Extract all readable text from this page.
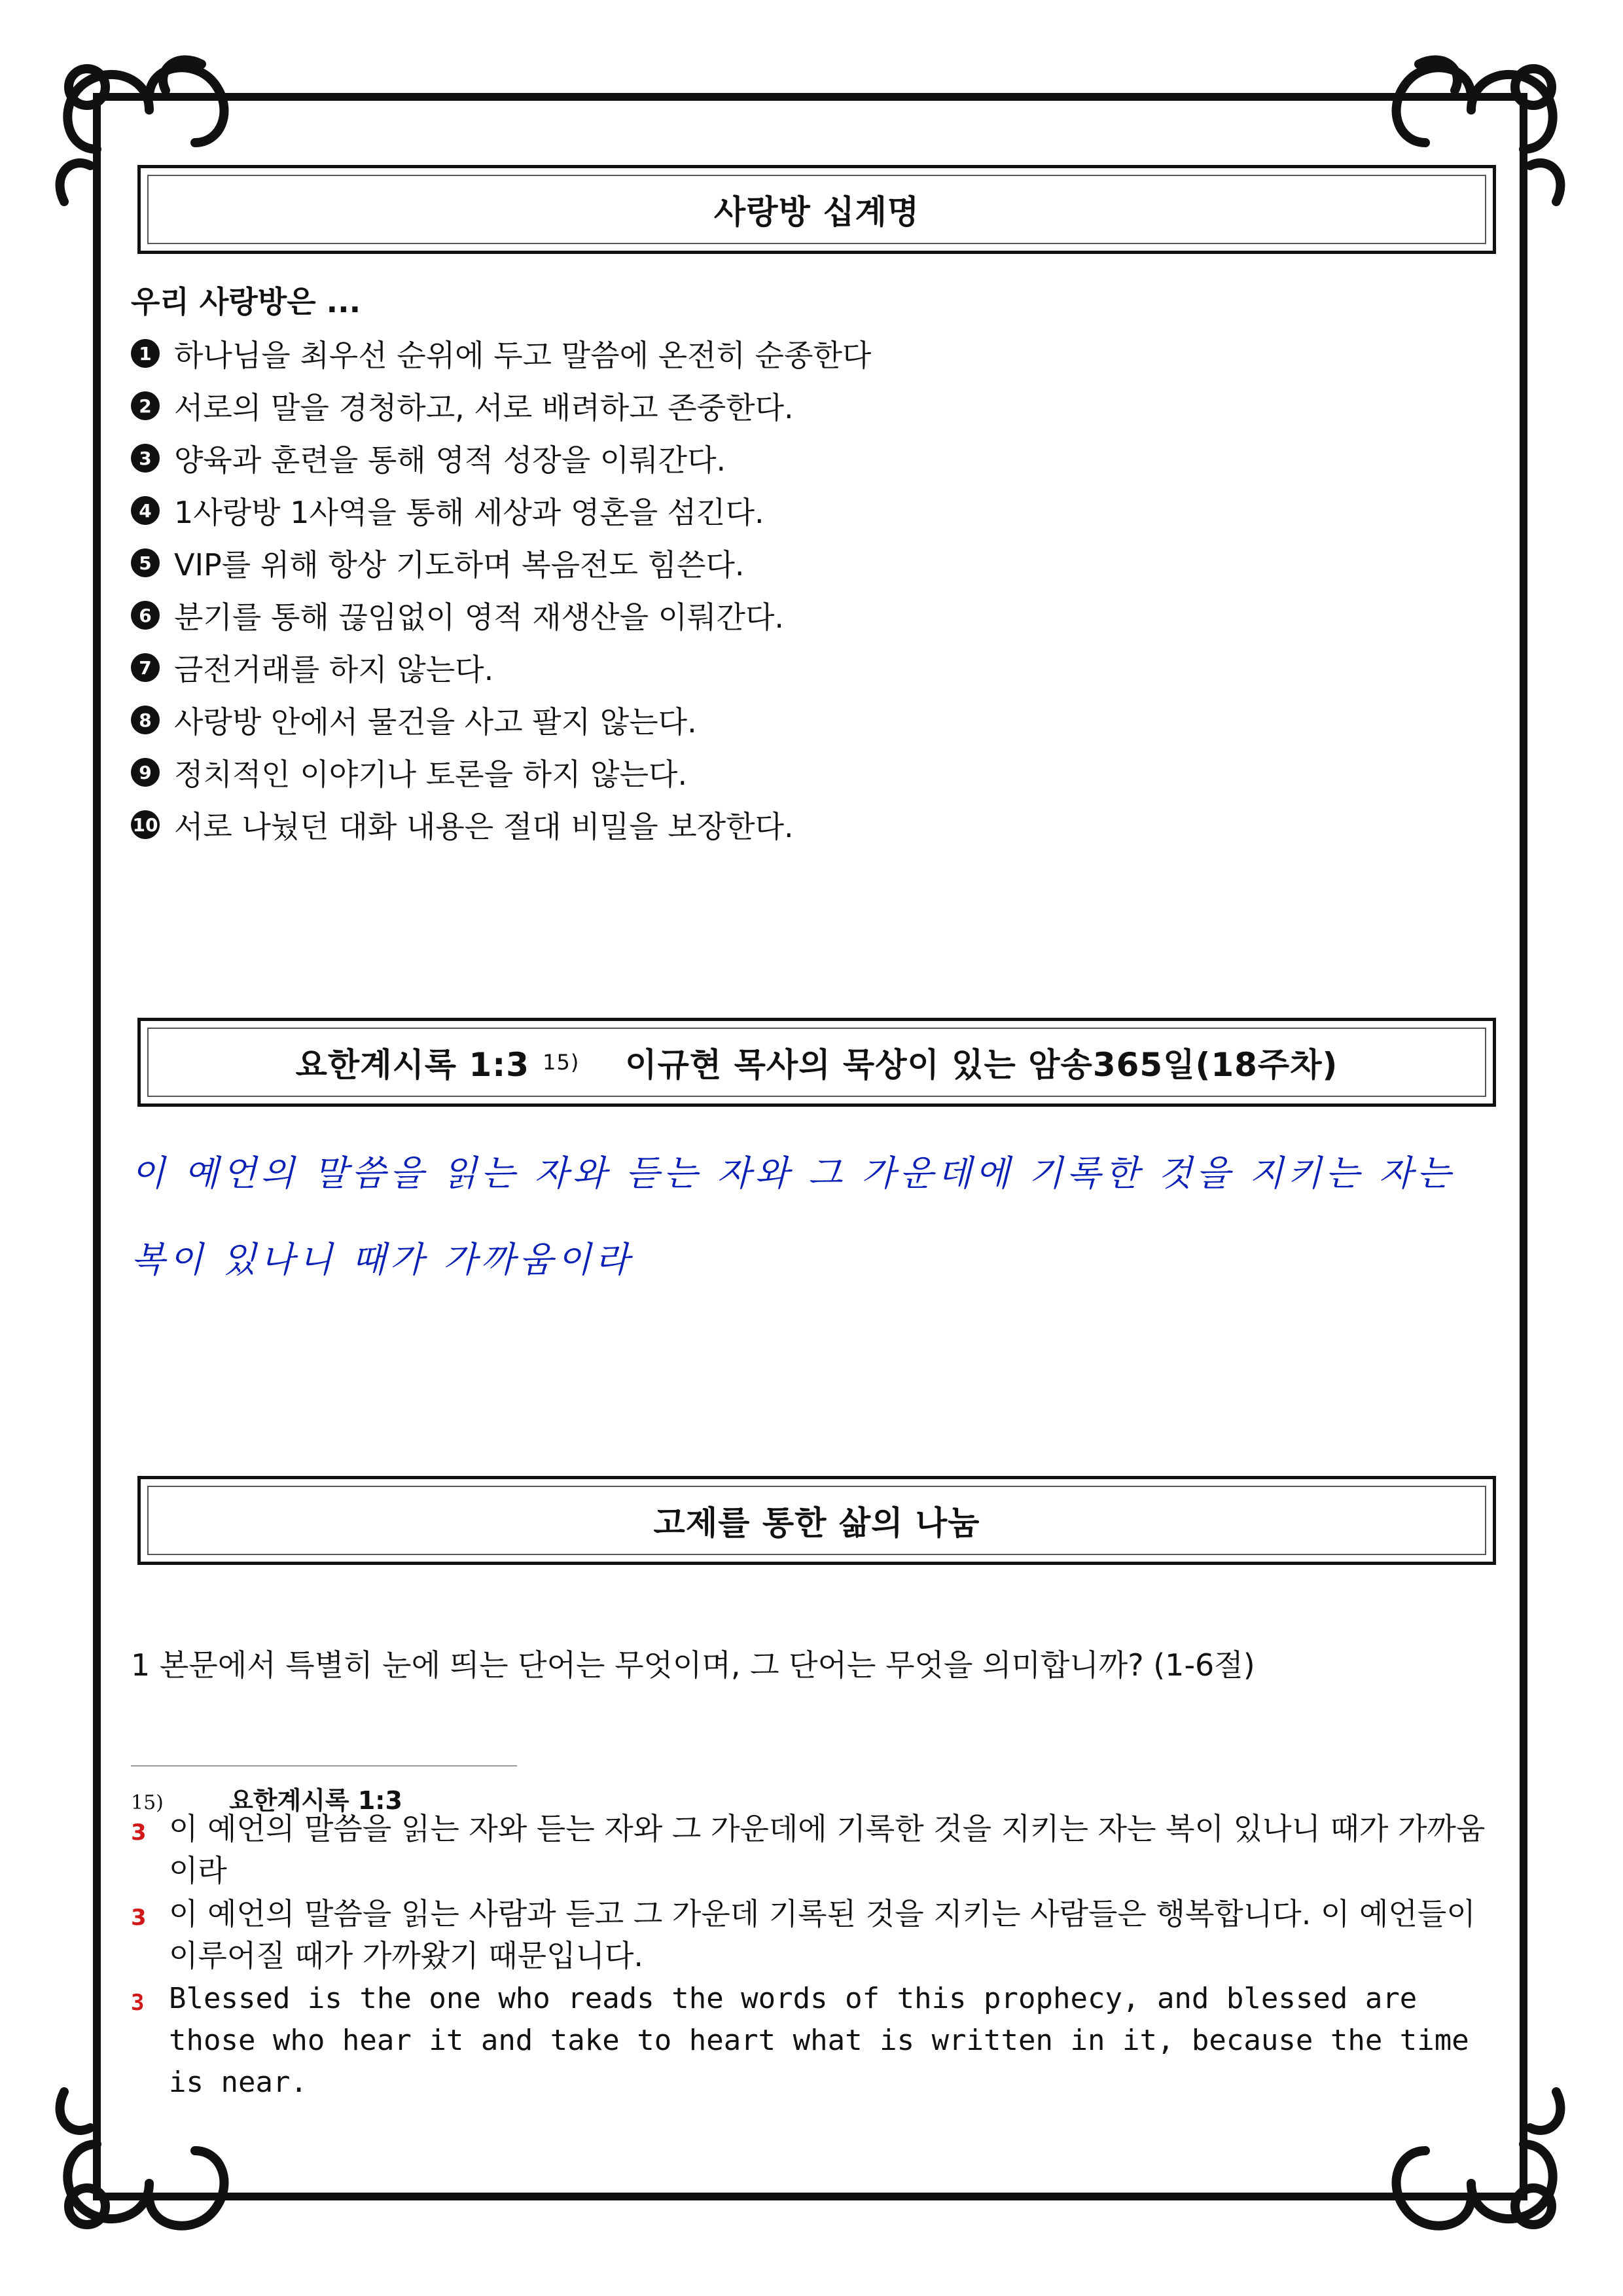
사랑방 십계명
우리 사랑방은 ...
1 하나님을 최우선 순위에 두고 말씀에 온전히 순종한다
2 서로의 말을 경청하고, 서로 배려하고 존중한다.
3 양육과 훈련을 통해 영적 성장을 이뤄간다.
4 1사랑방 1사역을 통해 세상과 영혼을 섬긴다.
5 VIP를 위해 항상 기도하며 복음전도 힘쓴다.
6 분기를 통해 끊임없이 영적 재생산을 이뤄간다.
7 금전거래를 하지 않는다.
8 사랑방 안에서 물건을 사고 팔지 않는다.
9 정치적인 이야기나 토론을 하지 않는다.
10 서로 나눴던 대화 내용은 절대 비밀을 보장한다.
요한계시록 1:3 15) 이규현 목사의 묵상이 있는 암송365일(18주차)
이 예언의 말씀을 읽는 자와 듣는 자와 그 가운데에 기록한 것을 지키는 자는
복이 있나니 때가 가까움이라
고제를 통한 삶의 나눔
1 본문에서 특별히 눈에 띄는 단어는 무엇이며, 그 단어는 무엇을 의미합니까? (1-6절)
15)	요한계시록 1:3
3 이 예언의 말씀을 읽는 자와 듣는 자와 그 가운데에 기록한 것을 지키는 자는 복이 있나니 때가 가까움이라
3 이 예언의 말씀을 읽는 사람과 듣고 그 가운데 기록된 것을 지키는 사람들은 행복합니다. 이 예언들이 이루어질 때가 가까왔기 때문입니다.
3 Blessed is the one who reads the words of this prophecy, and blessed are those who hear it and take to heart what is written in it, because the time is near.
